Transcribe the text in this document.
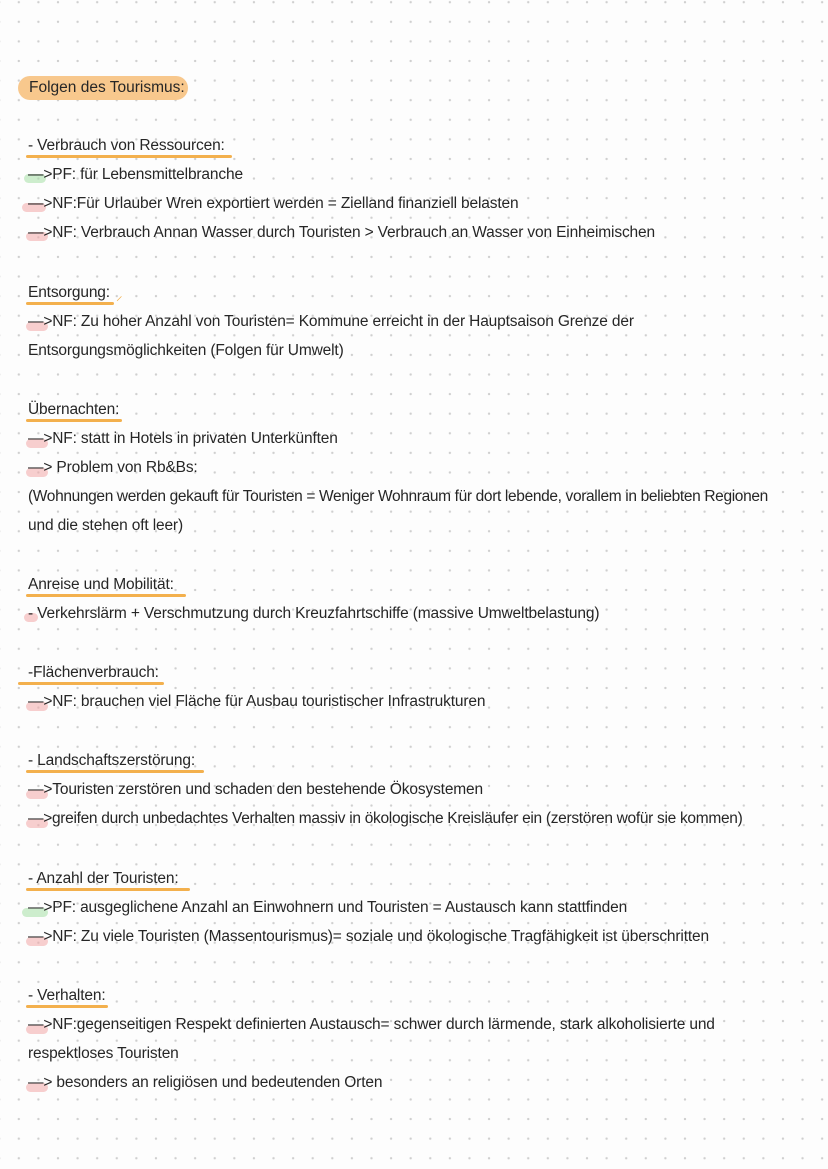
Folgen des Tourismus:
- Verbrauch von Ressourcen:
—>PF: für Lebensmittelbranche
—>NF:Für Urlauber Wren exportiert werden = Zielland finanziell belasten
—>NF: Verbrauch Annan Wasser durch Touristen > Verbrauch an Wasser von Einheimischen
Entsorgung: ⸝
—>NF: Zu hoher Anzahl von Touristen= Kommune erreicht in der Hauptsaison Grenze der
Entsorgungsmöglichkeiten (Folgen für Umwelt)
Übernachten:
—>NF: statt in Hotels in privaten Unterkünften
—> Problem von Rb&Bs:
(Wohnungen werden gekauft für Touristen = Weniger Wohnraum für dort lebende, vorallem in beliebten Regionen
und die stehen oft leer)
Anreise und Mobilität:
- Verkehrslärm + Verschmutzung durch Kreuzfahrtschiffe (massive Umweltbelastung)
-Flächenverbrauch:
—>NF: brauchen viel Fläche für Ausbau touristischer Infrastrukturen
- Landschaftszerstörung:
—>Touristen zerstören und schaden den bestehende Ökosystemen
—>greifen durch unbedachtes Verhalten massiv in ökologische Kreisläufer ein (zerstören wofür sie kommen)
- Anzahl der Touristen:
—>PF: ausgeglichene Anzahl an Einwohnern und Touristen = Austausch kann stattfinden
—>NF: Zu viele Touristen (Massentourismus)= soziale und ökologische Tragfähigkeit ist überschritten
- Verhalten:
—>NF:gegenseitigen Respekt definierten Austausch= schwer durch lärmende, stark alkoholisierte und
respektloses Touristen
—> besonders an religiösen und bedeutenden Orten
